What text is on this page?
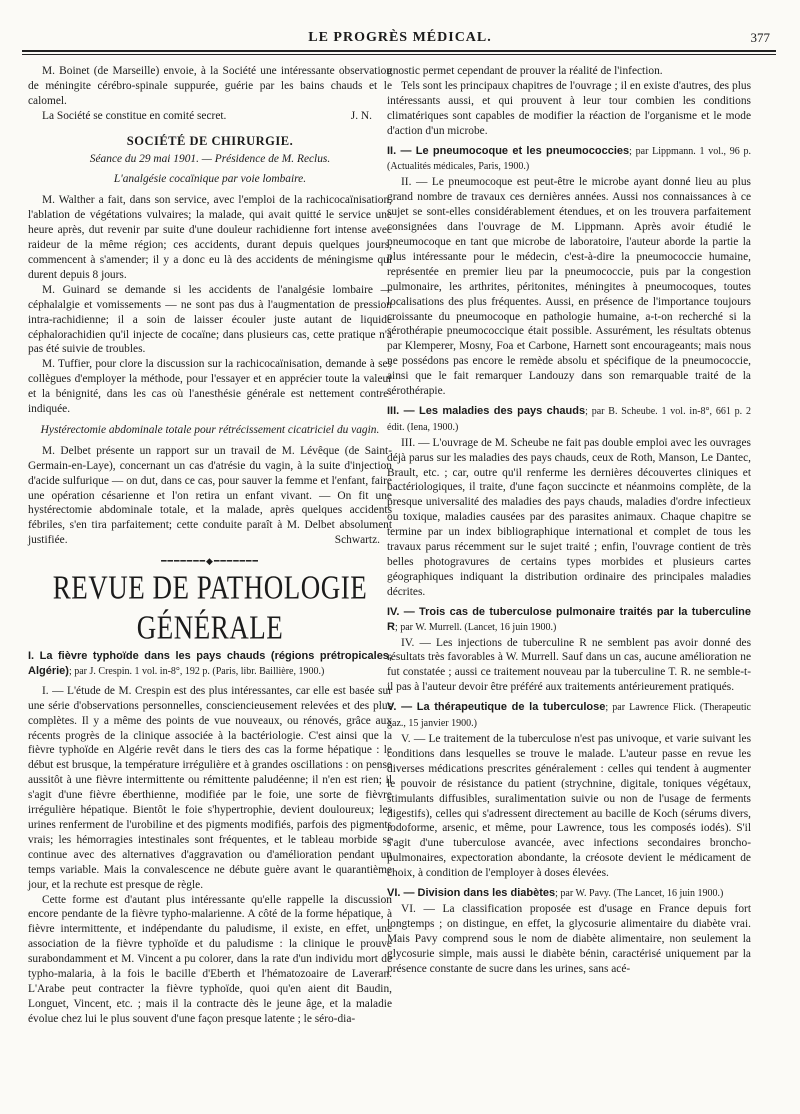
LE PROGRÈS MÉDICAL.	377

M. Boinet (de Marseille) envoie, à la Société une intéressante observation de méningite cérébro-spinale suppurée, guérie par les bains chauds et le calomel.

La Société se constitue en comité secret.	J. N.

SOCIÉTÉ DE CHIRURGIE.

Séance du 29 mai 1901. — Présidence de M. Reclus.

L'analgésie cocaïnique par voie lombaire.

M. Walther a fait, dans son service, avec l'emploi de la rachicocaïnisation, l'ablation de végétations vulvaires; la malade, qui avait quitté le service une heure après, dut revenir par suite d'une douleur rachidienne fort intense avec raideur de la même région; ces accidents, durant depuis quelques jours, commencent à s'amender; il y a donc eu là des accidents de méningisme qui durent depuis 8 jours.

M. Guinard se demande si les accidents de l'analgésie lombaire — céphalalgie et vomissements — ne sont pas dus à l'augmentation de pression intra-rachidienne; il a soin de laisser écouler juste autant de liquide céphalorachidien qu'il injecte de cocaïne; dans plusieurs cas, cette pratique n'a pas été suivie de troubles.

M. Tuffier, pour clore la discussion sur la rachicocaïnisation, demande à ses collègues d'employer la méthode, pour l'essayer et en apprécier toute la valeur et la bénignité, dans les cas où l'anesthésie générale est nettement contre-indiquée.

Hystérectomie abdominale totale pour rétrécissement cicatriciel du vagin.

M. Delbet présente un rapport sur un travail de M. Lévêque (de Saint-Germain-en-Laye), concernant un cas d'atrésie du vagin, à la suite d'injection d'acide sulfurique — on dut, dans ce cas, pour sauver la femme et l'enfant, faire une opération césarienne et l'on retira un enfant vivant. — On fit une hystérectomie abdominale totale, et la malade, après quelques accidents fébriles, s'en tira parfaitement; cette conduite paraît à M. Delbet absolument justifiée.	Schwartz.

━━━━━━━◆━━━━━━━
REVUE DE PATHOLOGIE GÉNÉRALE

I. La fièvre typhoïde dans les pays chauds (régions prétropicales, Algérie); par J. Crespin. 1 vol. in-8°, 192 p. (Paris, libr. Baillière, 1900.)

I. — L'étude de M. Crespin est des plus intéressantes, car elle est basée sur une série d'observations personnelles, consciencieusement relevées et des plus complètes. Il y a même des points de vue nouveaux, ou rénovés, grâce aux récents progrès de la clinique associée à la bactériologie. C'est ainsi que la fièvre typhoïde en Algérie revêt dans le tiers des cas la forme hépatique : le début est brusque, la température irrégulière et à grandes oscillations : on pense aussitôt à une fièvre intermittente ou rémittente paludéenne; il n'en est rien; il s'agit d'une fièvre éberthienne, modifiée par le foie, une sorte de fièvre irrégulière hépatique. Bientôt le foie s'hypertrophie, devient douloureux; les urines renferment de l'urobiline et des pigments modifiés, parfois des pigments vrais; les hémorragies intestinales sont fréquentes, et le tableau morbide se continue avec des alternatives d'aggravation ou d'amélioration pendant un temps variable. Mais la convalescence ne débute guère avant le quarantième jour, et la rechute est presque de règle.

Cette forme est d'autant plus intéressante qu'elle rappelle la discussion encore pendante de la fièvre typho-malarienne. A côté de la forme hépatique, à fièvre intermittente, et indépendante du paludisme, il existe, en effet, une association de la fièvre typhoïde et du paludisme : la clinique le prouve surabondamment et M. Vincent a pu colorer, dans la rate d'un individu mort de typho-malaria, à la fois le bacille d'Eberth et l'hématozoaire de Laveran. L'Arabe peut contracter la fièvre typhoïde, quoi qu'en aient dit Baudin, Longuet, Vincent, etc. ; mais il la contracte dès le jeune âge, et la maladie évolue chez lui le plus souvent d'une façon presque latente ; le séro-dia-

gnostic permet cependant de prouver la réalité de l'infection.

Tels sont les principaux chapitres de l'ouvrage ; il en existe d'autres, des plus intéressants aussi, et qui prouvent à leur tour combien les conditions climatériques sont capables de modifier la réaction de l'organisme et le mode d'action d'un microbe.

II. — Le pneumocoque et les pneumococcies; par Lippmann. 1 vol., 96 p. (Actualités médicales, Paris, 1900.)

II. — Le pneumocoque est peut-être le microbe ayant donné lieu au plus grand nombre de travaux ces dernières années. Aussi nos connaissances à ce sujet se sont-elles considérablement étendues, et on les trouvera parfaitement consignées dans l'ouvrage de M. Lippmann. Après avoir étudié le pneumocoque en tant que microbe de laboratoire, l'auteur aborde la partie la plus intéressante pour le médecin, c'est-à-dire la pneumococcie humaine, représentée en premier lieu par la pneumococcie, puis par la congestion pulmonaire, les arthrites, péritonites, méningites à pneumocoques, toutes localisations des plus fréquentes. Aussi, en présence de l'importance toujours croissante du pneumocoque en pathologie humaine, a-t-on recherché si la sérothérapie pneumococcique était possible. Assurément, les résultats obtenus par Klemperer, Mosny, Foa et Carbone, Harnett sont encourageants; mais nous ne possédons pas encore le remède absolu et spécifique de la pneumococcie, ainsi que le fait remarquer Landouzy dans son remarquable traité de la sérothérapie.

III. — Les maladies des pays chauds; par B. Scheube. 1 vol. in-8°, 661 p. 2 édit. (Iena, 1900.)

III. — L'ouvrage de M. Scheube ne fait pas double emploi avec les ouvrages déjà parus sur les maladies des pays chauds, ceux de Roth, Manson, Le Dantec, Brault, etc. ; car, outre qu'il renferme les dernières découvertes cliniques et bactériologiques, il traite, d'une façon succincte et néanmoins complète, de la presque universalité des maladies des pays chauds, maladies d'ordre infectieux ou toxique, maladies causées par des parasites animaux. Chaque chapitre se termine par un index bibliographique international et complet de tous les travaux parus récemment sur le sujet traité ; enfin, l'ouvrage contient de très belles photogravures de certains types morbides et plusieurs cartes géographiques indiquant la distribution ordinaire des principales maladies décrites.

IV. — Trois cas de tuberculose pulmonaire traités par la tuberculine R; par W. Murrell. (Lancet, 16 juin 1900.)

IV. — Les injections de tuberculine R ne semblent pas avoir donné des résultats très favorables à W. Murrell. Sauf dans un cas, aucune amélioration ne fut constatée ; aussi ce traitement nouveau par la tuberculine T. R. ne semble-t-il pas à l'auteur devoir être préféré aux traitements antérieurement pratiqués.

V. — La thérapeutique de la tuberculose; par Lawrence Flick. (Therapeutic gaz., 15 janvier 1900.)

V. — Le traitement de la tuberculose n'est pas univoque, et varie suivant les conditions dans lesquelles se trouve le malade. L'auteur passe en revue les diverses médications prescrites généralement : celles qui tendent à augmenter le pouvoir de résistance du patient (strychnine, digitale, toniques végétaux, stimulants diffusibles, suralimentation suivie ou non de l'usage de ferments digestifs), celles qui s'adressent directement au bacille de Koch (sérums divers, iodoforme, arsenic, et même, pour Lawrence, tous les composés iodés). S'il s'agit d'une tuberculose avancée, avec infections secondaires broncho-pulmonaires, expectoration abondante, la créosote devient le médicament de choix, à condition de l'employer à doses élevées.

VI. — Division dans les diabètes; par W. Pavy. (The Lancet, 16 juin 1900.)

VI. — La classification proposée est d'usage en France depuis fort longtemps ; on distingue, en effet, la glycosurie alimentaire du diabète vrai. Mais Pavy comprend sous le nom de diabète alimentaire, non seulement la glycosurie simple, mais aussi le diabète bénin, caractérisé uniquement par la présence constante de sucre dans les urines, sans acé-
